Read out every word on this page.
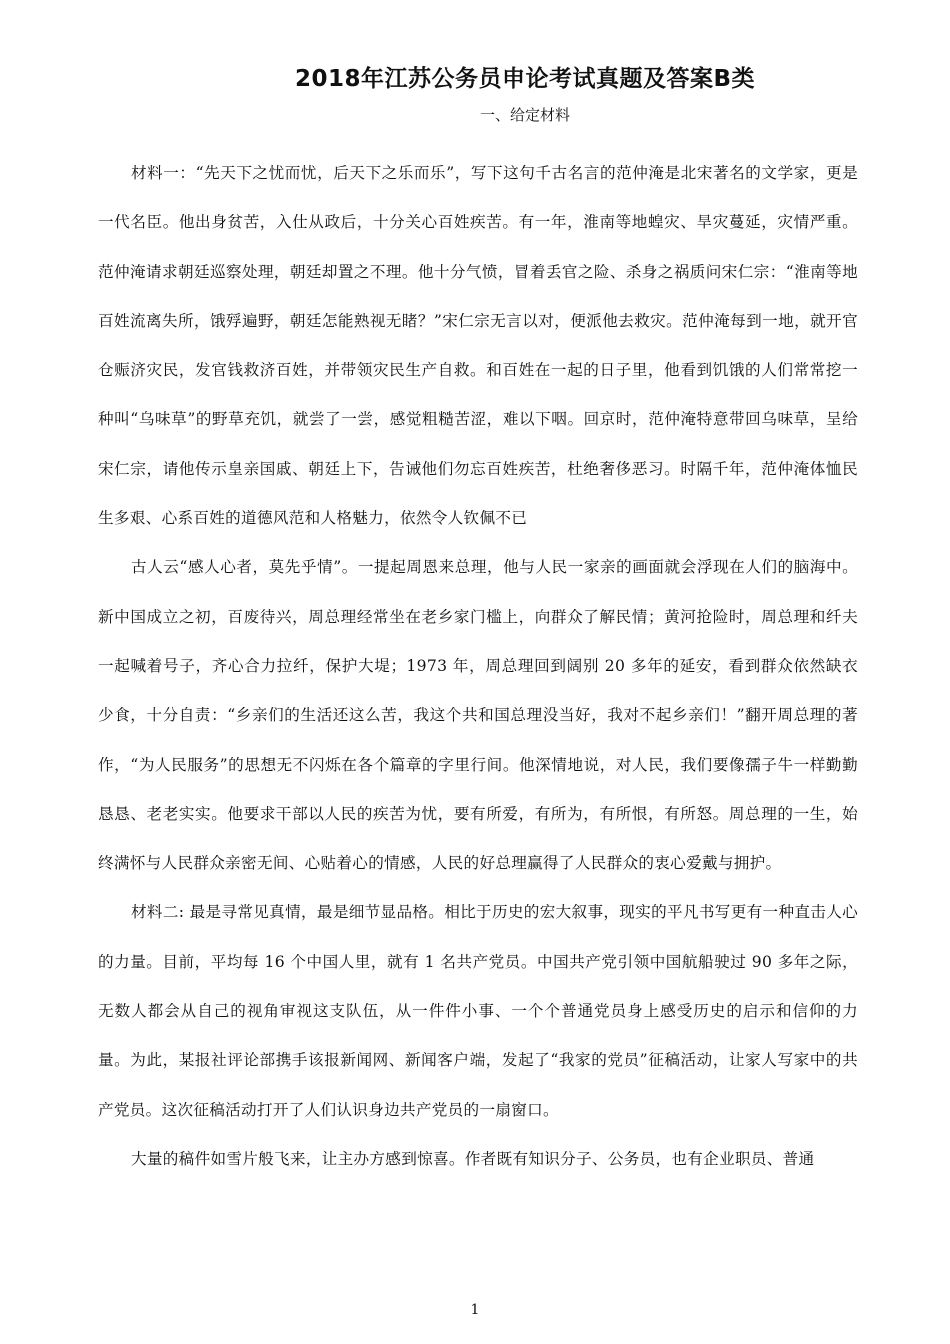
2018年江苏公务员申论考试真题及答案B类
一、给定材料

材料一：“先天下之忧而忧，后天下之乐而乐”，写下这句千古名言的范仲淹是北宋著名的文学家，更是一代名臣。他出身贫苦，入仕从政后，十分关心百姓疾苦。有一年，淮南等地蝗灾、旱灾蔓延，灾情严重。范仲淹请求朝廷巡察处理，朝廷却置之不理。他十分气愤，冒着丢官之险、杀身之祸质问宋仁宗：“淮南等地百姓流离失所，饿殍遍野，朝廷怎能熟视无睹？”宋仁宗无言以对，便派他去救灾。范仲淹每到一地，就开官仓赈济灾民，发官钱救济百姓，并带领灾民生产自救。和百姓在一起的日子里，他看到饥饿的人们常常挖一种叫“乌味草”的野草充饥，就尝了一尝，感觉粗糙苦涩，难以下咽。回京时，范仲淹特意带回乌味草，呈给宋仁宗，请他传示皇亲国戚、朝廷上下，告诫他们勿忘百姓疾苦，杜绝奢侈恶习。时隔千年，范仲淹体恤民生多艰、心系百姓的道德风范和人格魅力，依然令人钦佩不已

古人云“感人心者，莫先乎情”。一提起周恩来总理，他与人民一家亲的画面就会浮现在人们的脑海中。新中国成立之初，百废待兴，周总理经常坐在老乡家门槛上，向群众了解民情；黄河抢险时，周总理和纤夫一起喊着号子，齐心合力拉纤，保护大堤；1973 年，周总理回到阔别 20 多年的延安，看到群众依然缺衣少食，十分自责：“乡亲们的生活还这么苦，我这个共和国总理没当好，我对不起乡亲们！”翻开周总理的著作，“为人民服务”的思想无不闪烁在各个篇章的字里行间。他深情地说，对人民，我们要像孺子牛一样勤勤恳恳、老老实实。他要求干部以人民的疾苦为忧，要有所爱，有所为，有所恨，有所怒。周总理的一生，始终满怀与人民群众亲密无间、心贴着心的情感，人民的好总理赢得了人民群众的衷心爱戴与拥护。

材料二: 最是寻常见真情，最是细节显品格。相比于历史的宏大叙事，现实的平凡书写更有一种直击人心的力量。目前，平均每 16 个中国人里，就有 1 名共产党员。中国共产党引领中国航船驶过 90 多年之际，无数人都会从自己的视角审视这支队伍，从一件件小事、一个个普通党员身上感受历史的启示和信仰的力量。为此，某报社评论部携手该报新闻网、新闻客户端，发起了“我家的党员”征稿活动，让家人写家中的共产党员。这次征稿活动打开了人们认识身边共产党员的一扇窗口。

大量的稿件如雪片般飞来，让主办方感到惊喜。作者既有知识分子、公务员，也有企业职员、普通

1
